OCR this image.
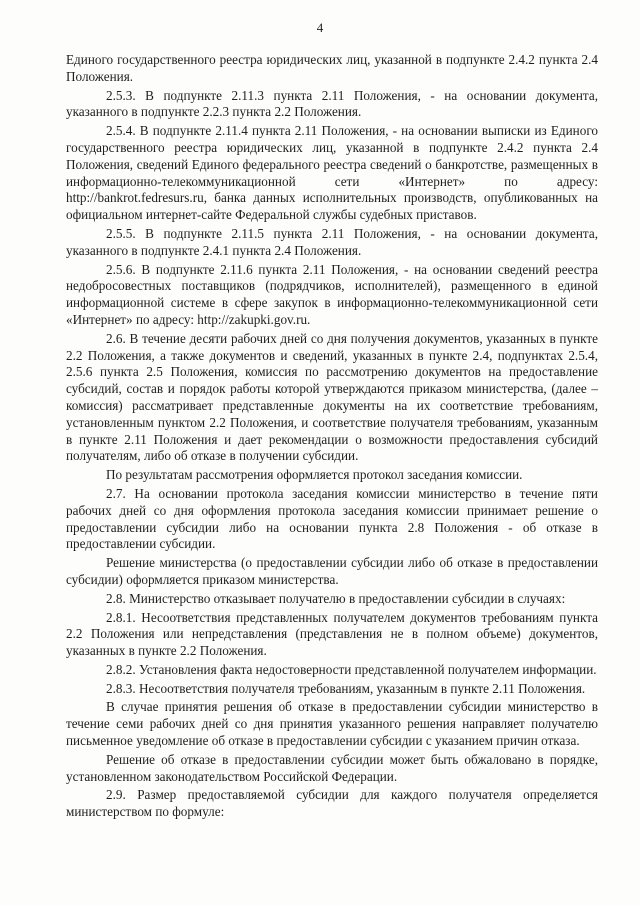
4

Единого государственного реестра юридических лиц, указанной в подпункте 2.4.2 пункта 2.4 Положения.

2.5.3. В подпункте 2.11.3 пункта 2.11 Положения, - на основании документа, указанного в подпункте 2.2.3 пункта 2.2 Положения.

2.5.4. В подпункте 2.11.4 пункта 2.11 Положения, - на основании выписки из Единого государственного реестра юридических лиц, указанной в подпункте 2.4.2 пункта 2.4 Положения, сведений Единого федерального реестра сведений о банкротстве, размещенных в информационно-телекоммуникационной сети «Интернет» по адресу: http://bankrot.fedresurs.ru, банка данных исполнительных производств, опубликованных на официальном интернет-сайте Федеральной службы судебных приставов.

2.5.5. В подпункте 2.11.5 пункта 2.11 Положения, - на основании документа, указанного в подпункте 2.4.1 пункта 2.4 Положения.

2.5.6. В подпункте 2.11.6 пункта 2.11 Положения, - на основании сведений реестра недобросовестных поставщиков (подрядчиков, исполнителей), размещенного в единой информационной системе в сфере закупок в информационно-телекоммуникационной сети «Интернет» по адресу: http://zakupki.gov.ru.

2.6. В течение десяти рабочих дней со дня получения документов, указанных в пункте 2.2 Положения, а также документов и сведений, указанных в пункте 2.4, подпунктах 2.5.4, 2.5.6 пункта 2.5 Положения, комиссия по рассмотрению документов на предоставление субсидий, состав и порядок работы которой утверждаются приказом министерства, (далее – комиссия) рассматривает представленные документы на их соответствие требованиям, установленным пунктом 2.2 Положения, и соответствие получателя требованиям, указанным в пункте 2.11 Положения и дает рекомендации о возможности предоставления субсидий получателям, либо об отказе в получении субсидии.

По результатам рассмотрения оформляется протокол заседания комиссии.

2.7. На основании протокола заседания комиссии министерство в течение пяти рабочих дней со дня оформления протокола заседания комиссии принимает решение о предоставлении субсидии либо на основании пункта 2.8 Положения - об отказе в предоставлении субсидии.

Решение министерства (о предоставлении субсидии либо об отказе в предоставлении субсидии) оформляется приказом министерства.

2.8. Министерство отказывает получателю в предоставлении субсидии в случаях:

2.8.1. Несоответствия представленных получателем документов требованиям пункта 2.2 Положения или непредставления (представления не в полном объеме) документов, указанных в пункте 2.2 Положения.

2.8.2. Установления факта недостоверности представленной получателем информации.

2.8.3. Несоответствия получателя требованиям, указанным в пункте 2.11 Положения.

В случае принятия решения об отказе в предоставлении субсидии министерство в течение семи рабочих дней со дня принятия указанного решения направляет получателю письменное уведомление об отказе в предоставлении субсидии с указанием причин отказа.

Решение об отказе в предоставлении субсидии может быть обжаловано в порядке, установленном законодательством Российской Федерации.

2.9. Размер предоставляемой субсидии для каждого получателя определяется министерством по формуле:
